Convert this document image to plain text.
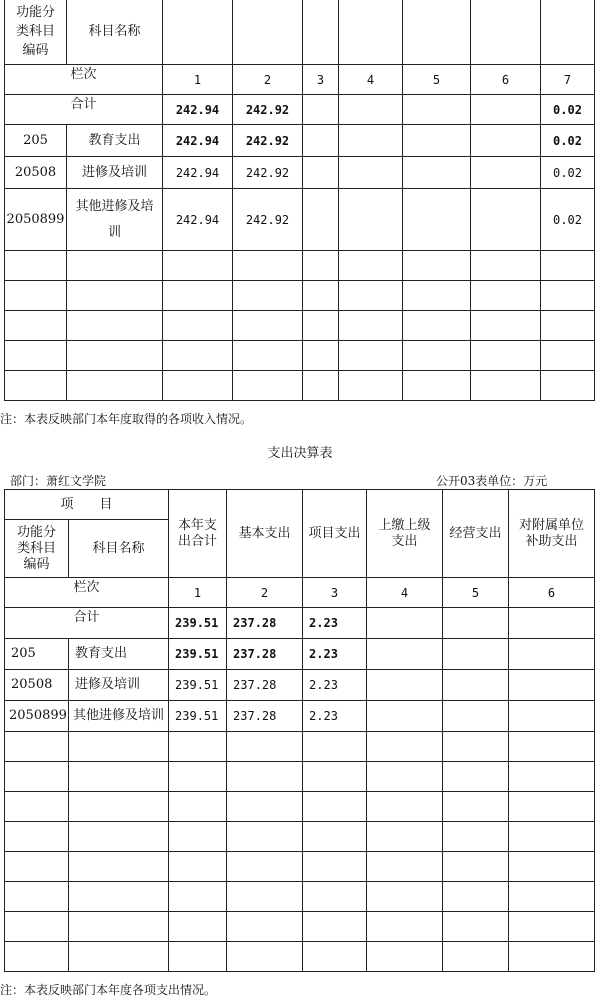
功能分类科目编码	科目名称							
栏次		1	2	3	4	5	6	7
合计		242.94	242.92					0.02
205	教育支出	242.94	242.92					0.02
20508	进修及培训	242.94	242.92					0.02
2050899	其他进修及培训	242.94	242.92					0.02

注：本表反映部门本年度取得的各项收入情况。
支出决算表
部门：萧红文学院	公开03表单位：万元
项　　目		本年支出合计	基本支出	项目支出	上缴上级支出	经营支出	对附属单位补助支出
功能分类科目编码	科目名称						
栏次		1	2	3	4	5	6
合计		239.51	237.28	2.23			
205	教育支出	239.51	237.28	2.23			
20508	进修及培训	239.51	237.28	2.23			
2050899	其他进修及培训	239.51	237.28	2.23			

注：本表反映部门本年度各项支出情况。
